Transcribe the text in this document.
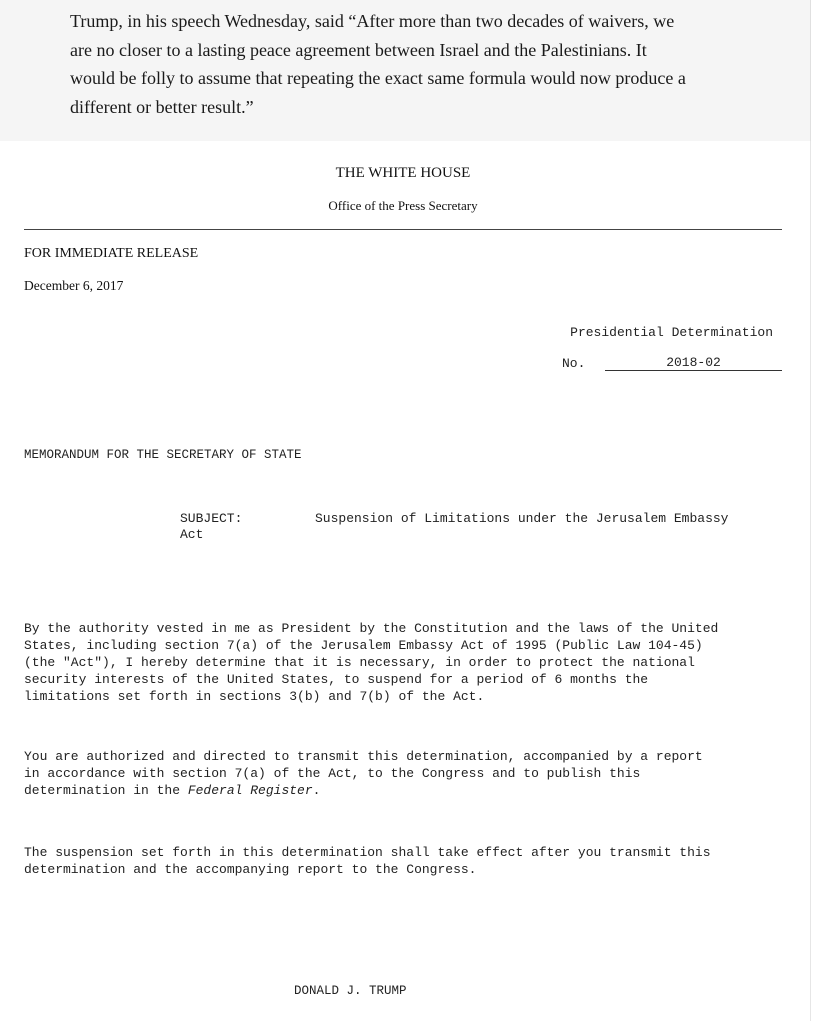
Trump, in his speech Wednesday, said “After more than two decades of waivers, we
are no closer to a lasting peace agreement between Israel and the Palestinians. It
would be folly to assume that repeating the exact same formula would now produce a
different or better result.”
THE WHITE HOUSE
Office of the Press Secretary
FOR IMMEDIATE RELEASE
December 6, 2017
Presidential Determination
No.	2018-02
MEMORANDUM FOR THE SECRETARY OF STATE
SUBJECT:	Suspension of Limitations under the Jerusalem Embassy
Act
By the authority vested in me as President by the Constitution and the laws of the United
States, including section 7(a) of the Jerusalem Embassy Act of 1995 (Public Law 104-45)
(the "Act"), I hereby determine that it is necessary, in order to protect the national
security interests of the United States, to suspend for a period of 6 months the
limitations set forth in sections 3(b) and 7(b) of the Act.
You are authorized and directed to transmit this determination, accompanied by a report
in accordance with section 7(a) of the Act, to the Congress and to publish this
determination in the Federal Register.
The suspension set forth in this determination shall take effect after you transmit this
determination and the accompanying report to the Congress.
DONALD J. TRUMP
